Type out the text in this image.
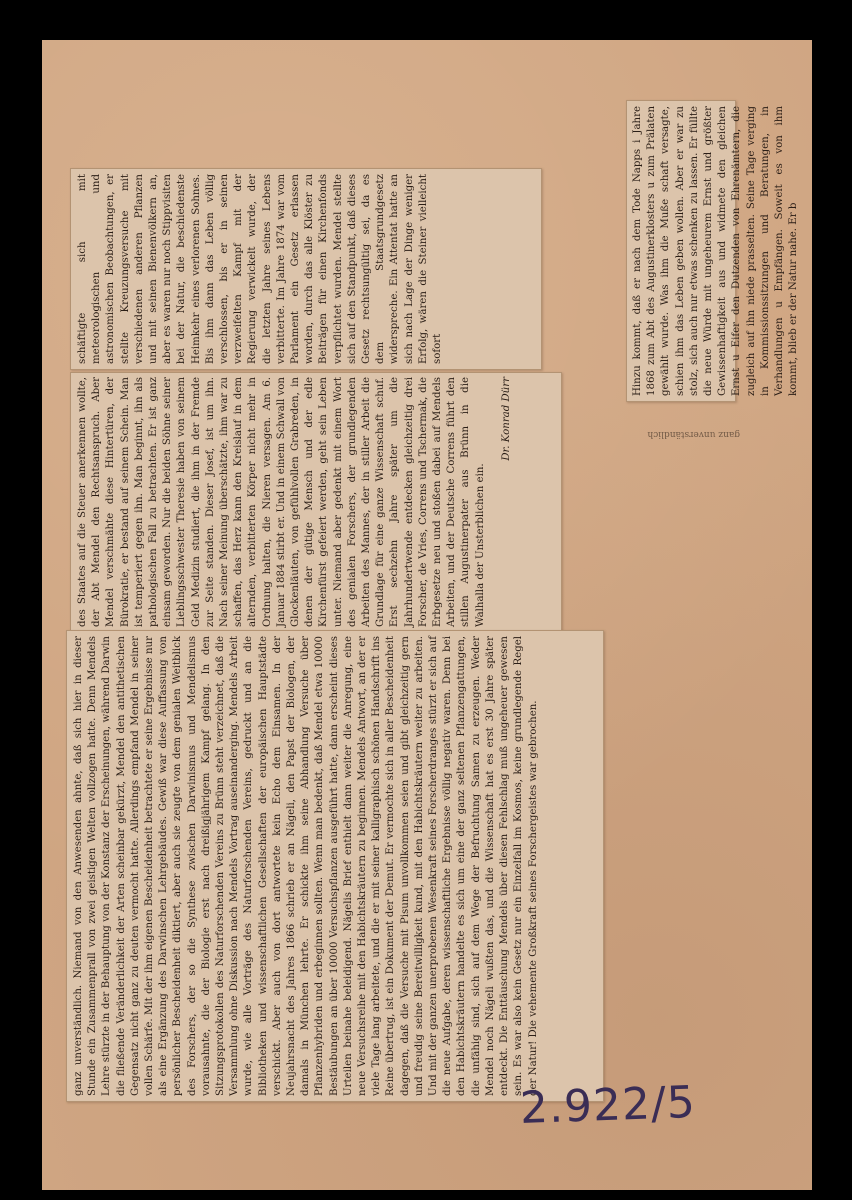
Hinzu kommt, daß er nach dem Tode Napps i Jahre 1868 zum Abt des Augustinerklosters u zum Prälaten gewählt wurde. Was ihm die Muße schaft versagte, schien ihm das Leben geben wollen. Aber er war zu stolz, sich auch nur etwas schenken zu lassen. Er füllte die neue Würde mit ungeheurem Ernst und größter Gewissenhaftigkeit aus und widmete den gleichen Ernst u Eifer den Dutzenden von Ehrenämtern, die zugleich auf ihn niede prasselten. Seine Tage verging in Kommissionssitzungen und Beratungen, in Verhandlungen u Empfängen. Soweit es von ihm kommt, blieb er der Natur nahe. Er b
schäftigte sich mit meteorologischen und astronomischen Beobachtungen, er stellte Kreuzungsversuche mit verschiedenen anderen Pflanzen und mit seinen Bienenvölkern an, aber es waren nur noch Stippvisiten bei der Natur, die beschiedenste Heimkehr eines verlorenen Sohnes. Bis ihm dann das Leben völlig verschlossen, bis er in seinen verzweifelten Kampf mit der Regierung verwickelt wurde, der die letzten Jahre seines Lebens verbitterte. Im Jahre 1874 war vom Parlament ein Gesetz erlassen worden, durch das alle Klöster zu Beiträgen für einen Kirchenfonds verpflichtet wurden. Mendel stellte sich auf den Standpunkt, daß dieses Gesetz rechtsungültig sei, da es dem Staatsgrundgesetz widerspreche. Ein Attentat hatte an sich nach Lage der Dinge weniger Erfolg, wären die Steiner vielleicht sofort
des Staates auf die Steuer anerkennen wollte, der Abt Mendel den Rechtsanspruch. Aber Mendel verschmähte diese Hintertüren, der Bürokratie, er bestand auf seinem Schein. Man ist temperiert gegen ihn. Man beginnt, ihn als pathologischen Fall zu betrachten. Er ist ganz einsam geworden. Nur die beiden Söhne seiner Lieblingsschwester Theresie haben von seinem Geld Medizin studiert, die ihm in der Fremde zur Seite standen. Dieser Josef, ist um ihn. Nach seiner Meinung überschätzte, ihm war zu schaffen, das Herz kann den Kreislauf in dem alternden, verbitterten Körper nicht mehr in Ordnung halten, die Nieren versagen. Am 6. Januar 1884 stirbt er. Und in einem Schwall von Glockenläuten, von gefühlvollen Grabreden, in denen der gütige Mensch und der edle Kirchenfürst gefeiert werden, geht sein Leben unter. Niemand aber gedenkt mit einem Wort des genialen Forschers, der grundlegenden Arbeiten des Mannes, der in stiller Arbeit die Grundlage für eine ganze Wissenschaft schuf. Erst sechzehn Jahre später um die Jahrhundertwende entdecken gleichzeitig drei Forscher, de Vries, Correns und Tschermak, die Erbgesetze neu und stoßen dabei auf Mendels Arbeiten, und der Deutsche Correns führt den stillen Augustinerpater aus Brünn in die Walhalla der Unsterblichen ein.
Dr. Konrad Dürr
ganz unverständlich. Niemand von den Anwesenden ahnte, daß sich hier in dieser Stunde ein Zusammenprall von zwei geistigen Welten vollzogen hatte. Denn Mendels Lehre stürzte in der Behauptung von der Konstanz der Erscheinungen, während Darwin die fließende Veränderlichkeit der Arten scheinbar gekürzt, Mendel den antithetischen Gegensatz nicht ganz zu deuten vermocht hatte. Allerdings empfand Mendel in seiner vollen Schärfe. Mit der ihm eigenen Bescheidenheit betrachtete er seine Ergebnisse nur als eine Ergänzung des Darwinschen Lehrgebäudes. Gewiß war diese Auffassung von persönlicher Bescheidenheit diktiert, aber auch sie zeugte von dem genialen Weitblick des Forschers, der so die Synthese zwischen Darwinismus und Mendelismus vorausahnte, die der Biologie erst nach dreißigjährigem Kampf gelang. In den Sitzungsprotokollen des Naturforschenden Vereins zu Brünn steht verzeichnet, daß die Versammlung ohne Diskussion nach Mendels Vortrag auseinanderging. Mendels Arbeit wurde, wie alle Vorträge des Naturforschenden Vereins, gedruckt und an die Bibliotheken und wissenschaftlichen Gesellschaften der europäischen Hauptstädte verschickt. Aber auch von dort antwortete kein Echo dem Einsamen. In der Neujahrsnacht des Jahres 1866 schrieb er an Nägeli, den Papst der Biologen, der damals in München lehrte. Er schickte ihm seine Abhandlung Versuche über Pflanzenhybriden und erbeginnen sollten. Wenn man bedenkt, daß Mendel etwa 10000 Bestäubungen an über 10000 Versuchspflanzen ausgeführt hatte, dann erscheint dieses Urteilen beinahe beleidigend. Nägelis Brief enthielt dann weiter die Anregung, eine neue Versuchsreihe mit den Habichtskräutern zu beginnen. Mendels Antwort, an der er viele Tage lang arbeitete, und die er mit seiner kalligraphisch schönen Handschrift ins Reine übertrug, ist ein Dokument der Demut. Er vermochte sich in aller Bescheidenheit dagegen, daß die Versuche mit Pisum unvollkommen seien und gibt gleichzeitig gern und freudig seine Bereitwilligkeit kund, mit den Habichtskräutern weiter zu arbeiten. Und mit der ganzen unerprobenen Wesenkraft seines Forscherdranges stürzt er sich auf die neue Aufgabe, deren wissenschaftliche Ergebnisse völlig negativ waren. Denn bei den Habichtskräutern handelte es sich um eine der ganz seltenen Pflanzengattungen, die unfähig sind, sich auf dem Wege der Befruchtung Samen zu erzeugen. Weder Mendel noch Nägeli wußten das, und die Wissenschaft hat es erst 30 Jahre später entdeckt. Die Enttäuschung Mendels über diesen Fehlschlag muß ungeheuer gewesen sein. Es war also kein Gesetz nur ein Einzelfall im Kosmos, keine grundlegende Regel der Natur! Die vehemente Großkraft seines Forschergeistes war gebrochen.
ganz unverständlich
2.922/5
